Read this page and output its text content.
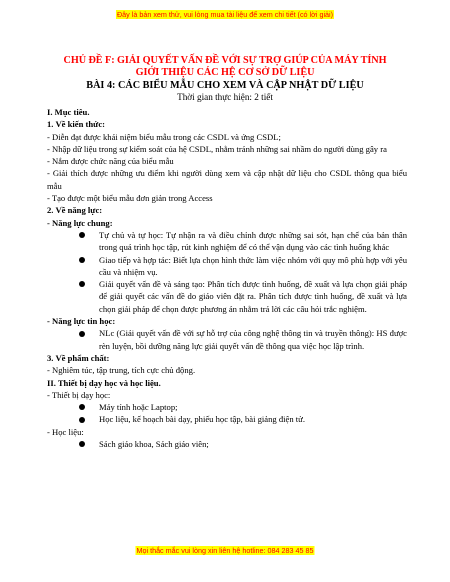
Đây là bản xem thử, vui lòng mua tài liệu để xem chi tiết (có lời giải)
CHỦ ĐỀ F: GIẢI QUYẾT VẤN ĐỀ VỚI SỰ TRỢ GIÚP CỦA MÁY TÍNH
GIỚI THIỆU CÁC HỆ CƠ SỞ DỮ LIỆU
BÀI 4: CÁC BIỂU MẪU CHO XEM VÀ CẬP NHẬT DỮ LIỆU
Thời gian thực hiện: 2 tiết

I. Mục tiêu.

1. Về kiến thức:

- Diễn đạt được khái niệm biểu mẫu trong các CSDL và ứng CSDL;

- Nhập dữ liệu trong sự kiểm soát của hệ CSDL, nhằm tránh những sai nhầm do người dùng gây ra

- Nắm được chức năng của biểu mẫu

- Giải thích được những ưu điểm khi người dùng xem và cập nhật dữ liệu cho CSDL thông qua biểu mẫu

- Tạo được một biểu mẫu đơn giản trong Access

2. Về năng lực:

- Năng lực chung:

Tự chủ và tự học: Tự nhận ra và điều chỉnh được những sai sót, hạn chế của bản thân trong quá trình học tập, rút kinh nghiệm để có thể vận dụng vào các tình huống khác
Giao tiếp và hợp tác: Biết lựa chọn hình thức làm việc nhóm với quy mô phù hợp với yêu cầu và nhiệm vụ.
Giải quyết vấn đề và sáng tạo: Phân tích được tình huống, đề xuất và lựa chọn giải pháp để giải quyết các vấn đề do giáo viên đặt ra. Phân tích được tình huống, đề xuất và lựa chọn giải pháp để chọn được phương án nhằm trả lời các câu hỏi trắc nghiệm.

- Năng lực tin học:

NLc (Giải quyết vấn đề với sự hỗ trợ của công nghệ thông tin và truyền thông): HS được rèn luyện, bồi dưỡng năng lực giải quyết vấn đề thông qua việc học lập trình.

3. Về phẩm chất:

- Nghiêm túc, tập trung, tích cực chủ động.

II. Thiết bị dạy học và học liệu.

- Thiết bị dạy học:

Máy tính hoặc Laptop;
Học liệu, kế hoạch bài dạy, phiếu học tập, bài giảng điện tử.

- Học liệu:

Sách giáo khoa, Sách giáo viên;
Mọi thắc mắc vui lòng xin liên hệ hotline: 084 283 45 85
